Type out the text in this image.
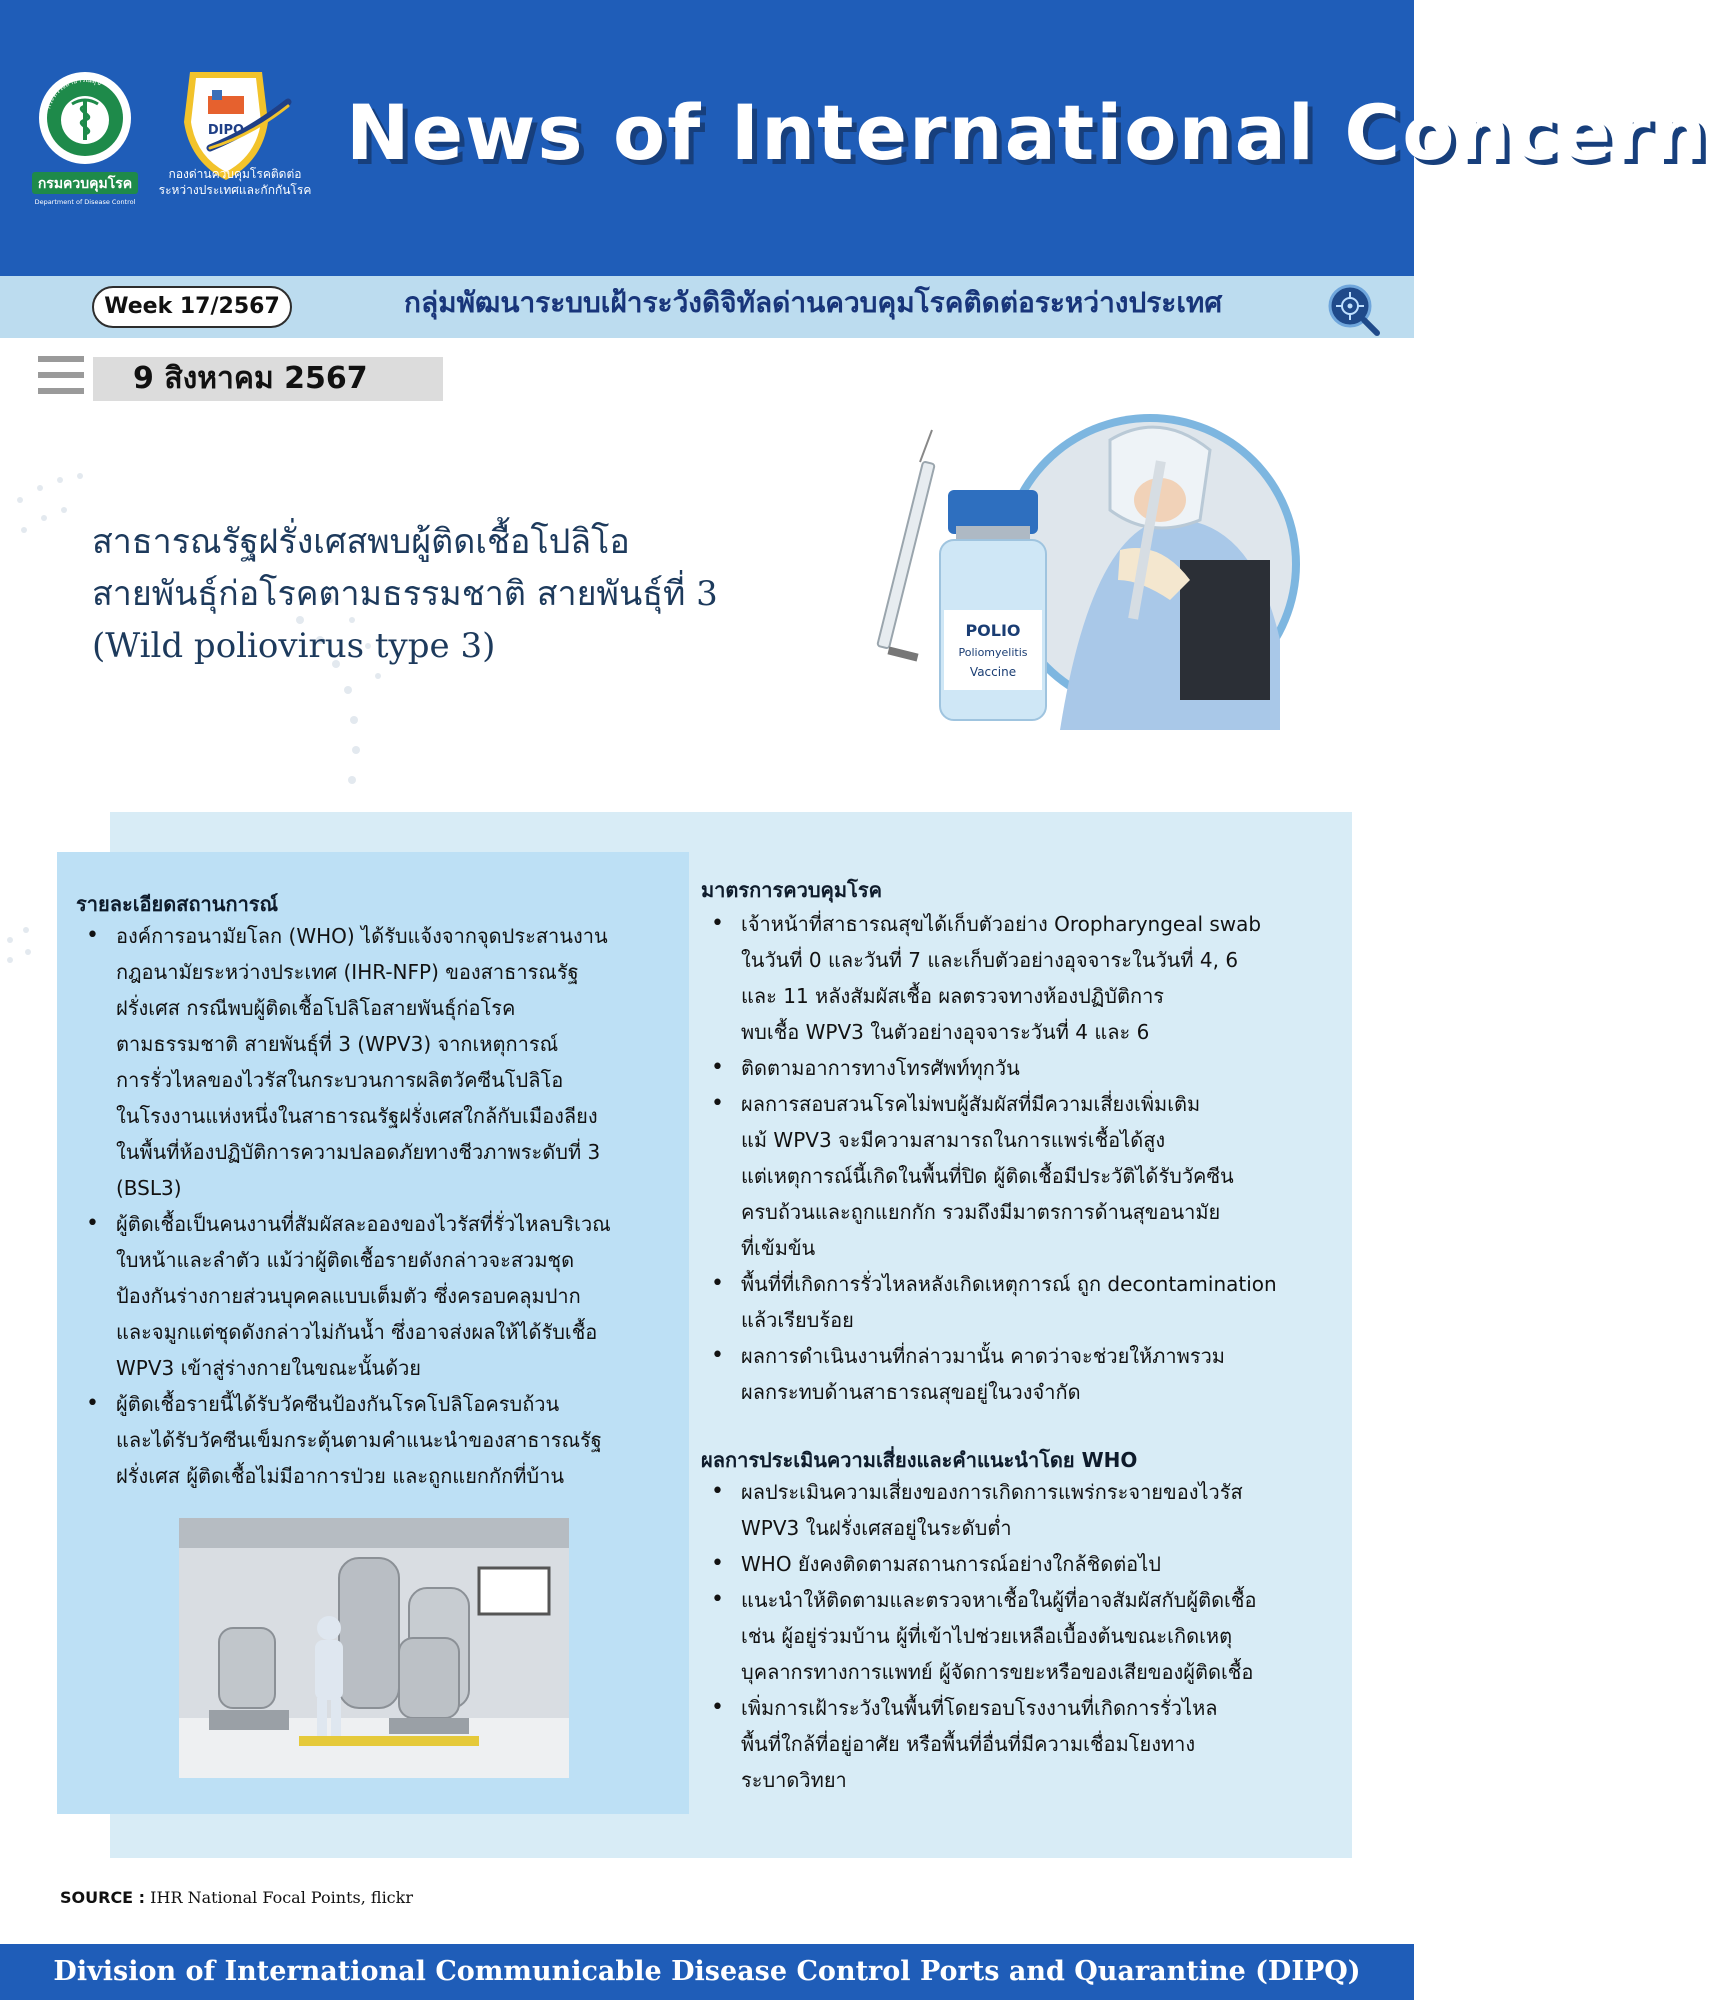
กระทรวงสาธารณสุข
กรมควบคุมโรค
Department of Disease Control
DIPQ
กองด่านควบคุมโรคติดต่อ
ระหว่างประเทศและกักกันโรค
News of International Concern
Week 17/2567	กลุ่มพัฒนาระบบเฝ้าระวังดิจิทัลด่านควบคุมโรคติดต่อระหว่างประเทศ
9 สิงหาคม 2567
สาธารณรัฐฝรั่งเศสพบผู้ติดเชื้อโปลิโอ
สายพันธุ์ก่อโรคตามธรรมชาติ สายพันธุ์ที่ 3
(Wild poliovirus type 3)	POLIO
Poliomyelitis
Vaccine
รายละเอียดสถานการณ์
• องค์การอนามัยโลก (WHO) ได้รับแจ้งจากจุดประสานงาน
กฎอนามัยระหว่างประเทศ (IHR-NFP) ของสาธารณรัฐ
ฝรั่งเศส กรณีพบผู้ติดเชื้อโปลิโอสายพันธุ์ก่อโรค
ตามธรรมชาติ สายพันธุ์ที่ 3 (WPV3) จากเหตุการณ์
การรั่วไหลของไวรัสในกระบวนการผลิตวัคซีนโปลิโอ
ในโรงงานแห่งหนึ่งในสาธารณรัฐฝรั่งเศสใกล้กับเมืองลียง
ในพื้นที่ห้องปฏิบัติการความปลอดภัยทางชีวภาพระดับที่ 3
(BSL3)
• ผู้ติดเชื้อเป็นคนงานที่สัมผัสละอองของไวรัสที่รั่วไหลบริเวณ
ใบหน้าและลำตัว แม้ว่าผู้ติดเชื้อรายดังกล่าวจะสวมชุด
ป้องกันร่างกายส่วนบุคคลแบบเต็มตัว ซึ่งครอบคลุมปาก
และจมูกแต่ชุดดังกล่าวไม่กันน้ำ ซึ่งอาจส่งผลให้ได้รับเชื้อ
WPV3 เข้าสู่ร่างกายในขณะนั้นด้วย
• ผู้ติดเชื้อรายนี้ได้รับวัคซีนป้องกันโรคโปลิโอครบถ้วน
และได้รับวัคซีนเข็มกระตุ้นตามคำแนะนำของสาธารณรัฐ
ฝรั่งเศส ผู้ติดเชื้อไม่มีอาการป่วย และถูกแยกกักที่บ้าน
มาตรการควบคุมโรค
• เจ้าหน้าที่สาธารณสุขได้เก็บตัวอย่าง Oropharyngeal swab
ในวันที่ 0 และวันที่ 7 และเก็บตัวอย่างอุจจาระในวันที่ 4, 6
และ 11 หลังสัมผัสเชื้อ ผลตรวจทางห้องปฏิบัติการ
พบเชื้อ WPV3 ในตัวอย่างอุจจาระวันที่ 4 และ 6
• ติดตามอาการทางโทรศัพท์ทุกวัน
• ผลการสอบสวนโรคไม่พบผู้สัมผัสที่มีความเสี่ยงเพิ่มเติม
แม้ WPV3 จะมีความสามารถในการแพร่เชื้อได้สูง
แต่เหตุการณ์นี้เกิดในพื้นที่ปิด ผู้ติดเชื้อมีประวัติได้รับวัคซีน
ครบถ้วนและถูกแยกกัก รวมถึงมีมาตรการด้านสุขอนามัย
ที่เข้มข้น
• พื้นที่ที่เกิดการรั่วไหลหลังเกิดเหตุการณ์ ถูก decontamination
แล้วเรียบร้อย
• ผลการดำเนินงานที่กล่าวมานั้น คาดว่าจะช่วยให้ภาพรวม
ผลกระทบด้านสาธารณสุขอยู่ในวงจำกัด
ผลการประเมินความเสี่ยงและคำแนะนำโดย WHO
• ผลประเมินความเสี่ยงของการเกิดการแพร่กระจายของไวรัส
WPV3 ในฝรั่งเศสอยู่ในระดับต่ำ
• WHO ยังคงติดตามสถานการณ์อย่างใกล้ชิดต่อไป
• แนะนำให้ติดตามและตรวจหาเชื้อในผู้ที่อาจสัมผัสกับผู้ติดเชื้อ
เช่น ผู้อยู่ร่วมบ้าน ผู้ที่เข้าไปช่วยเหลือเบื้องต้นขณะเกิดเหตุ
บุคลากรทางการแพทย์ ผู้จัดการขยะหรือของเสียของผู้ติดเชื้อ
• เพิ่มการเฝ้าระวังในพื้นที่โดยรอบโรงงานที่เกิดการรั่วไหล
พื้นที่ใกล้ที่อยู่อาศัย หรือพื้นที่อื่นที่มีความเชื่อมโยงทาง
ระบาดวิทยา
SOURCE : IHR National Focal Points, flickr
Division of International Communicable Disease Control Ports and Quarantine (DIPQ)
